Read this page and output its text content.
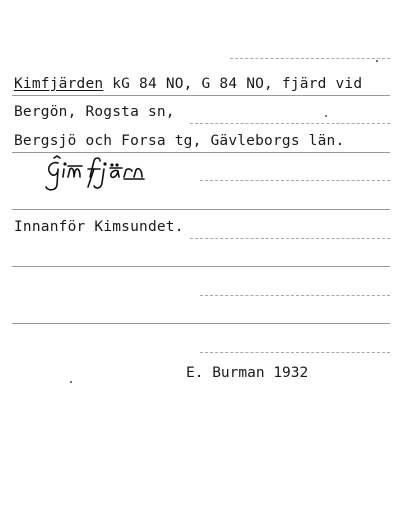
Kimfjärden kG 84 NO, G 84 NO, fjärd vid
Bergön, Rogsta sn,
Bergsjö och Forsa tg, Gävleborgs län.
Innanför Kimsundet.
E. Burman 1932
